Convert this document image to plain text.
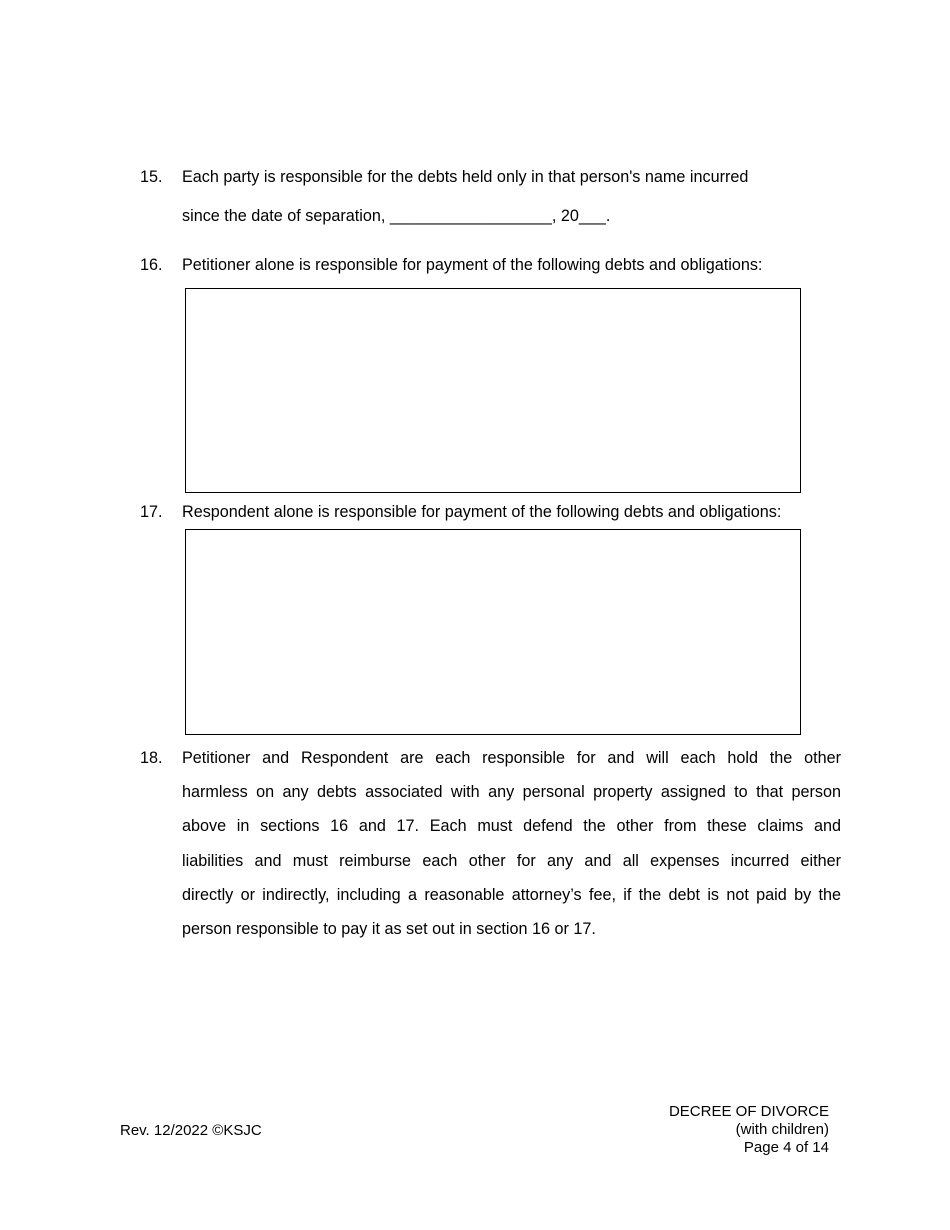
15. Each party is responsible for the debts held only in that person's name incurred
since the date of separation, __________________, 20___.
16. Petitioner alone is responsible for payment of the following debts and obligations:
17. Respondent alone is responsible for payment of the following debts and obligations:
18. Petitioner and Respondent are each responsible for and will each hold the other
harmless on any debts associated with any personal property assigned to that person
above in sections 16 and 17. Each must defend the other from these claims and
liabilities and must reimburse each other for any and all expenses incurred either
directly or indirectly, including a reasonable attorney’s fee, if the debt is not paid by the
person responsible to pay it as set out in section 16 or 17.
Rev. 12/2022 ©KSJC
DECREE OF DIVORCE
(with children)
Page 4 of 14
